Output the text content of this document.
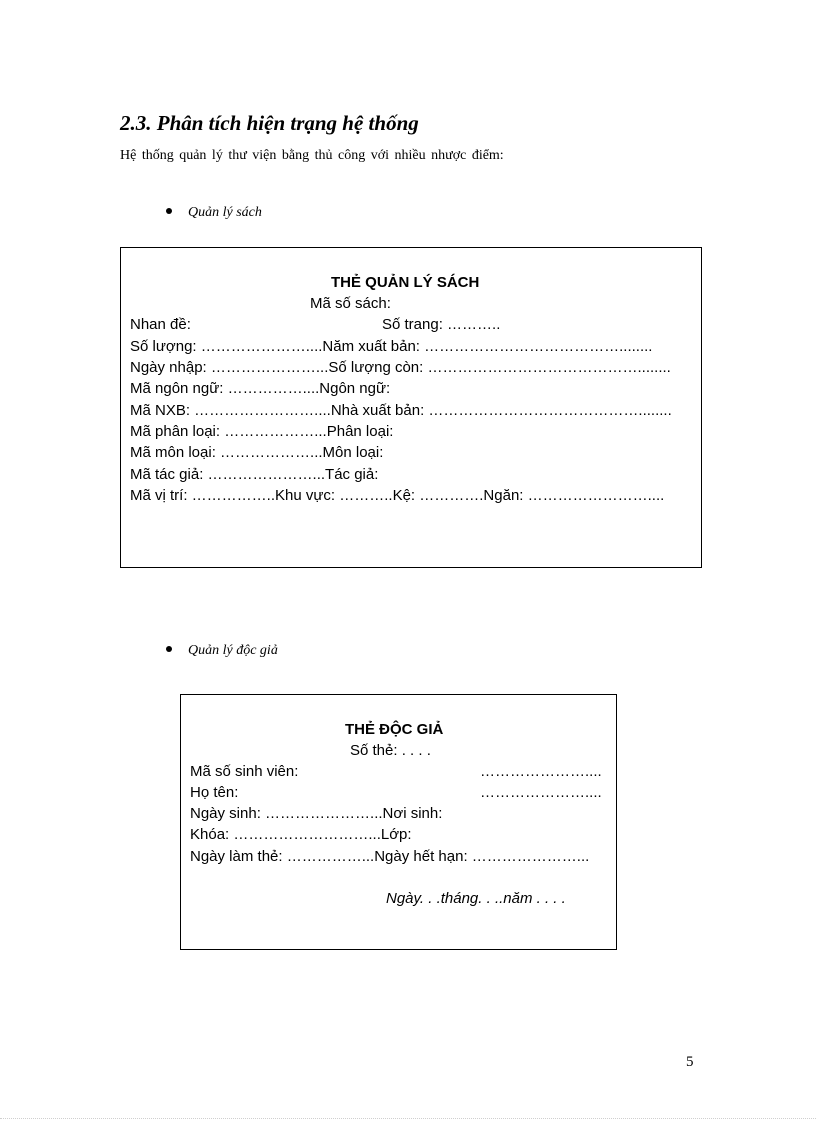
2.3. Phân tích hiện trạng hệ thống
Hệ thống quản lý thư viện bằng thủ công với nhiều nhược điểm:
Quản lý sách
THẺ QUẢN LÝ SÁCH
Mã số sách:
Nhan đề:	Số trang: ………..
Số lượng: …………………....Năm xuất bản: …………………………………........
Ngày nhập: …………………...Số lượng còn: ……………………………………........
Mã ngôn ngữ: ……………....Ngôn ngữ:
Mã NXB: ……………………....Nhà xuất bản: ……………………………………........
Mã phân loại: ………………...Phân loại:
Mã môn loại: ………………...Môn loại:
Mã tác giả: …………………...Tác giả:
Mã vị trí: ……………..Khu vực: ………..Kệ: ………….Ngăn: ……………………....
Quản lý độc giả
THẺ ĐỘC GIẢ
Số thẻ: . . . .
Mã số sinh viên:	…………………....
Họ tên:	…………………....
Ngày sinh: …………………...Nơi sinh:
Khóa: ………………………...Lớp:
Ngày làm thẻ: ……………...Ngày hết hạn: …………………...
Ngày. . .tháng. . ..năm . . . .
5
